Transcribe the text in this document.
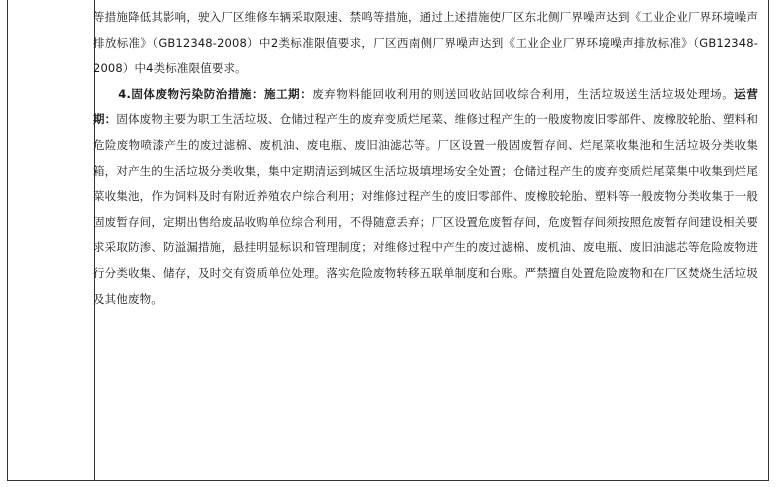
等措施降低其影响，驶入厂区维修车辆采取限速、禁鸣等措施，通过上述措施使厂区东北侧厂界噪声达到《工业企业厂界环境噪声排放标准》（GB12348-2008）中2类标准限值要求，厂区西南侧厂界噪声达到《工业企业厂界环境噪声排放标准》（GB12348-2008）中4类标准限值要求。

4.固体废物污染防治措施：施工期：废弃物料能回收利用的则送回收站回收综合利用，生活垃圾送生活垃圾处理场。运营期：固体废物主要为职工生活垃圾、仓储过程产生的废弃变质烂尾菜、维修过程产生的一般废物废旧零部件、废橡胶轮胎、塑料和危险废物喷漆产生的废过滤棉、废机油、废电瓶、废旧油滤芯等。厂区设置一般固废暂存间、烂尾菜收集池和生活垃圾分类收集箱，对产生的生活垃圾分类收集，集中定期清运到城区生活垃圾填埋场安全处置；仓储过程产生的废弃变质烂尾菜集中收集到烂尾菜收集池，作为饲料及时有附近养殖农户综合利用；对维修过程产生的废旧零部件、废橡胶轮胎、塑料等一般废物分类收集于一般固废暂存间，定期出售给废品收购单位综合利用，不得随意丢弃；厂区设置危废暂存间，危废暂存间须按照危废暂存间建设相关要求采取防渗、防溢漏措施，悬挂明显标识和管理制度；对维修过程中产生的废过滤棉、废机油、废电瓶、废旧油滤芯等危险废物进行分类收集、储存，及时交有资质单位处理。落实危险废物转移五联单制度和台账。严禁擅自处置危险废物和在厂区焚烧生活垃圾及其他废物。
